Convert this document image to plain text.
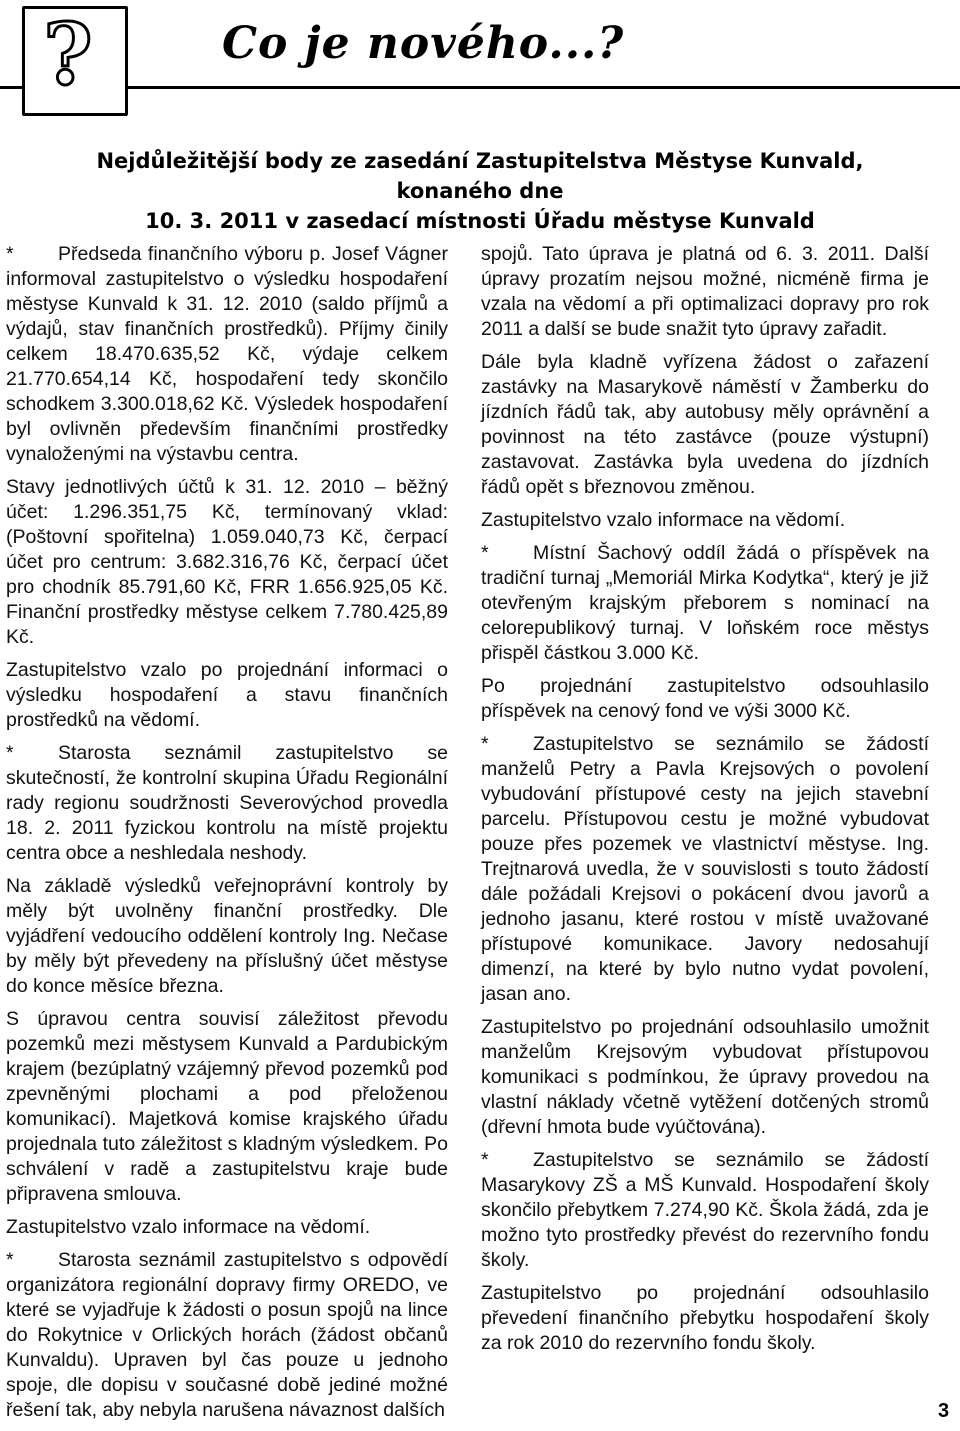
?	Co je nového...?
Nejdůležitější body ze zasedání Zastupitelstva Městyse Kunvald, konaného dne
10. 3. 2011 v zasedací místnosti Úřadu městyse Kunvald

* Předseda finančního výboru p. Josef Vágner informoval zastupitelstvo o výsledku hospodaření městyse Kunvald k 31. 12. 2010 (saldo příjmů a výdajů, stav finančních prostředků). Příjmy činily celkem 18.470.635,52 Kč, výdaje celkem 21.770.654,14 Kč, hospodaření tedy skončilo schodkem 3.300.018,62 Kč. Výsledek hospodaření byl ovlivněn především finančními prostředky vynaloženými na výstavbu centra.

Stavy jednotlivých účtů k 31. 12. 2010 – běžný účet: 1.296.351,75 Kč, termínovaný vklad: (Poštovní spořitelna) 1.059.040,73 Kč, čerpací účet pro centrum: 3.682.316,76 Kč, čerpací účet pro chodník 85.791,60 Kč, FRR 1.656.925,05 Kč. Finanční prostředky městyse celkem 7.780.425,89 Kč.

Zastupitelstvo vzalo po projednání informaci o výsledku hospodaření a stavu finančních prostředků na vědomí.

* Starosta seznámil zastupitelstvo se skutečností, že kontrolní skupina Úřadu Regionální rady regionu soudržnosti Severovýchod provedla 18. 2. 2011 fyzickou kontrolu na místě projektu centra obce a neshledala neshody.

Na základě výsledků veřejnoprávní kontroly by měly být uvolněny finanční prostředky. Dle vyjádření vedoucího oddělení kontroly Ing. Nečase by měly být převedeny na příslušný účet městyse do konce měsíce března.

S úpravou centra souvisí záležitost převodu pozemků mezi městysem Kunvald a Pardubickým krajem (bezúplatný vzájemný převod pozemků pod zpevněnými plochami a pod přeloženou komunikací). Majetková komise krajského úřadu projednala tuto záležitost s kladným výsledkem. Po schválení v radě a zastupitelstvu kraje bude připravena smlouva.

Zastupitelstvo vzalo informace na vědomí.

* Starosta seznámil zastupitelstvo s odpovědí organizátora regionální dopravy firmy OREDO, ve které se vyjadřuje k žádosti o posun spojů na lince do Rokytnice v Orlických horách (žádost občanů Kunvaldu). Upraven byl čas pouze u jednoho spoje, dle dopisu v současné době jediné možné řešení tak, aby nebyla narušena návaznost dalších

spojů. Tato úprava je platná od 6. 3. 2011. Další úpravy prozatím nejsou možné, nicméně firma je vzala na vědomí a při optimalizaci dopravy pro rok 2011 a další se bude snažit tyto úpravy zařadit.

Dále byla kladně vyřízena žádost o zařazení zastávky na Masarykově náměstí v Žamberku do jízdních řádů tak, aby autobusy měly oprávnění a povinnost na této zastávce (pouze výstupní) zastavovat. Zastávka byla uvedena do jízdních řádů opět s březnovou změnou.

Zastupitelstvo vzalo informace na vědomí.

* Místní Šachový oddíl žádá o příspěvek na tradiční turnaj „Memoriál Mirka Kodytka“, který je již otevřeným krajským přeborem s nominací na celorepublikový turnaj. V loňském roce městys přispěl částkou 3.000 Kč.

Po projednání zastupitelstvo odsouhlasilo příspěvek na cenový fond ve výši 3000 Kč.

* Zastupitelstvo se seznámilo se žádostí manželů Petry a Pavla Krejsových o povolení vybudování přístupové cesty na jejich stavební parcelu. Přístupovou cestu je možné vybudovat pouze přes pozemek ve vlastnictví městyse. Ing. Trejtnarová uvedla, že v souvislosti s touto žádostí dále požádali Krejsovi o pokácení dvou javorů a jednoho jasanu, které rostou v místě uvažované přístupové komunikace. Javory nedosahují dimenzí, na které by bylo nutno vydat povolení, jasan ano.

Zastupitelstvo po projednání odsouhlasilo umožnit manželům Krejsovým vybudovat přístupovou komunikaci s podmínkou, že úpravy provedou na vlastní náklady včetně vytěžení dotčených stromů (dřevní hmota bude vyúčtována).

* Zastupitelstvo se seznámilo se žádostí Masarykovy ZŠ a MŠ Kunvald. Hospodaření školy skončilo přebytkem 7.274,90 Kč. Škola žádá, zda je možno tyto prostředky převést do rezervního fondu školy.

Zastupitelstvo po projednání odsouhlasilo převedení finančního přebytku hospodaření školy za rok 2010 do rezervního fondu školy.

3
